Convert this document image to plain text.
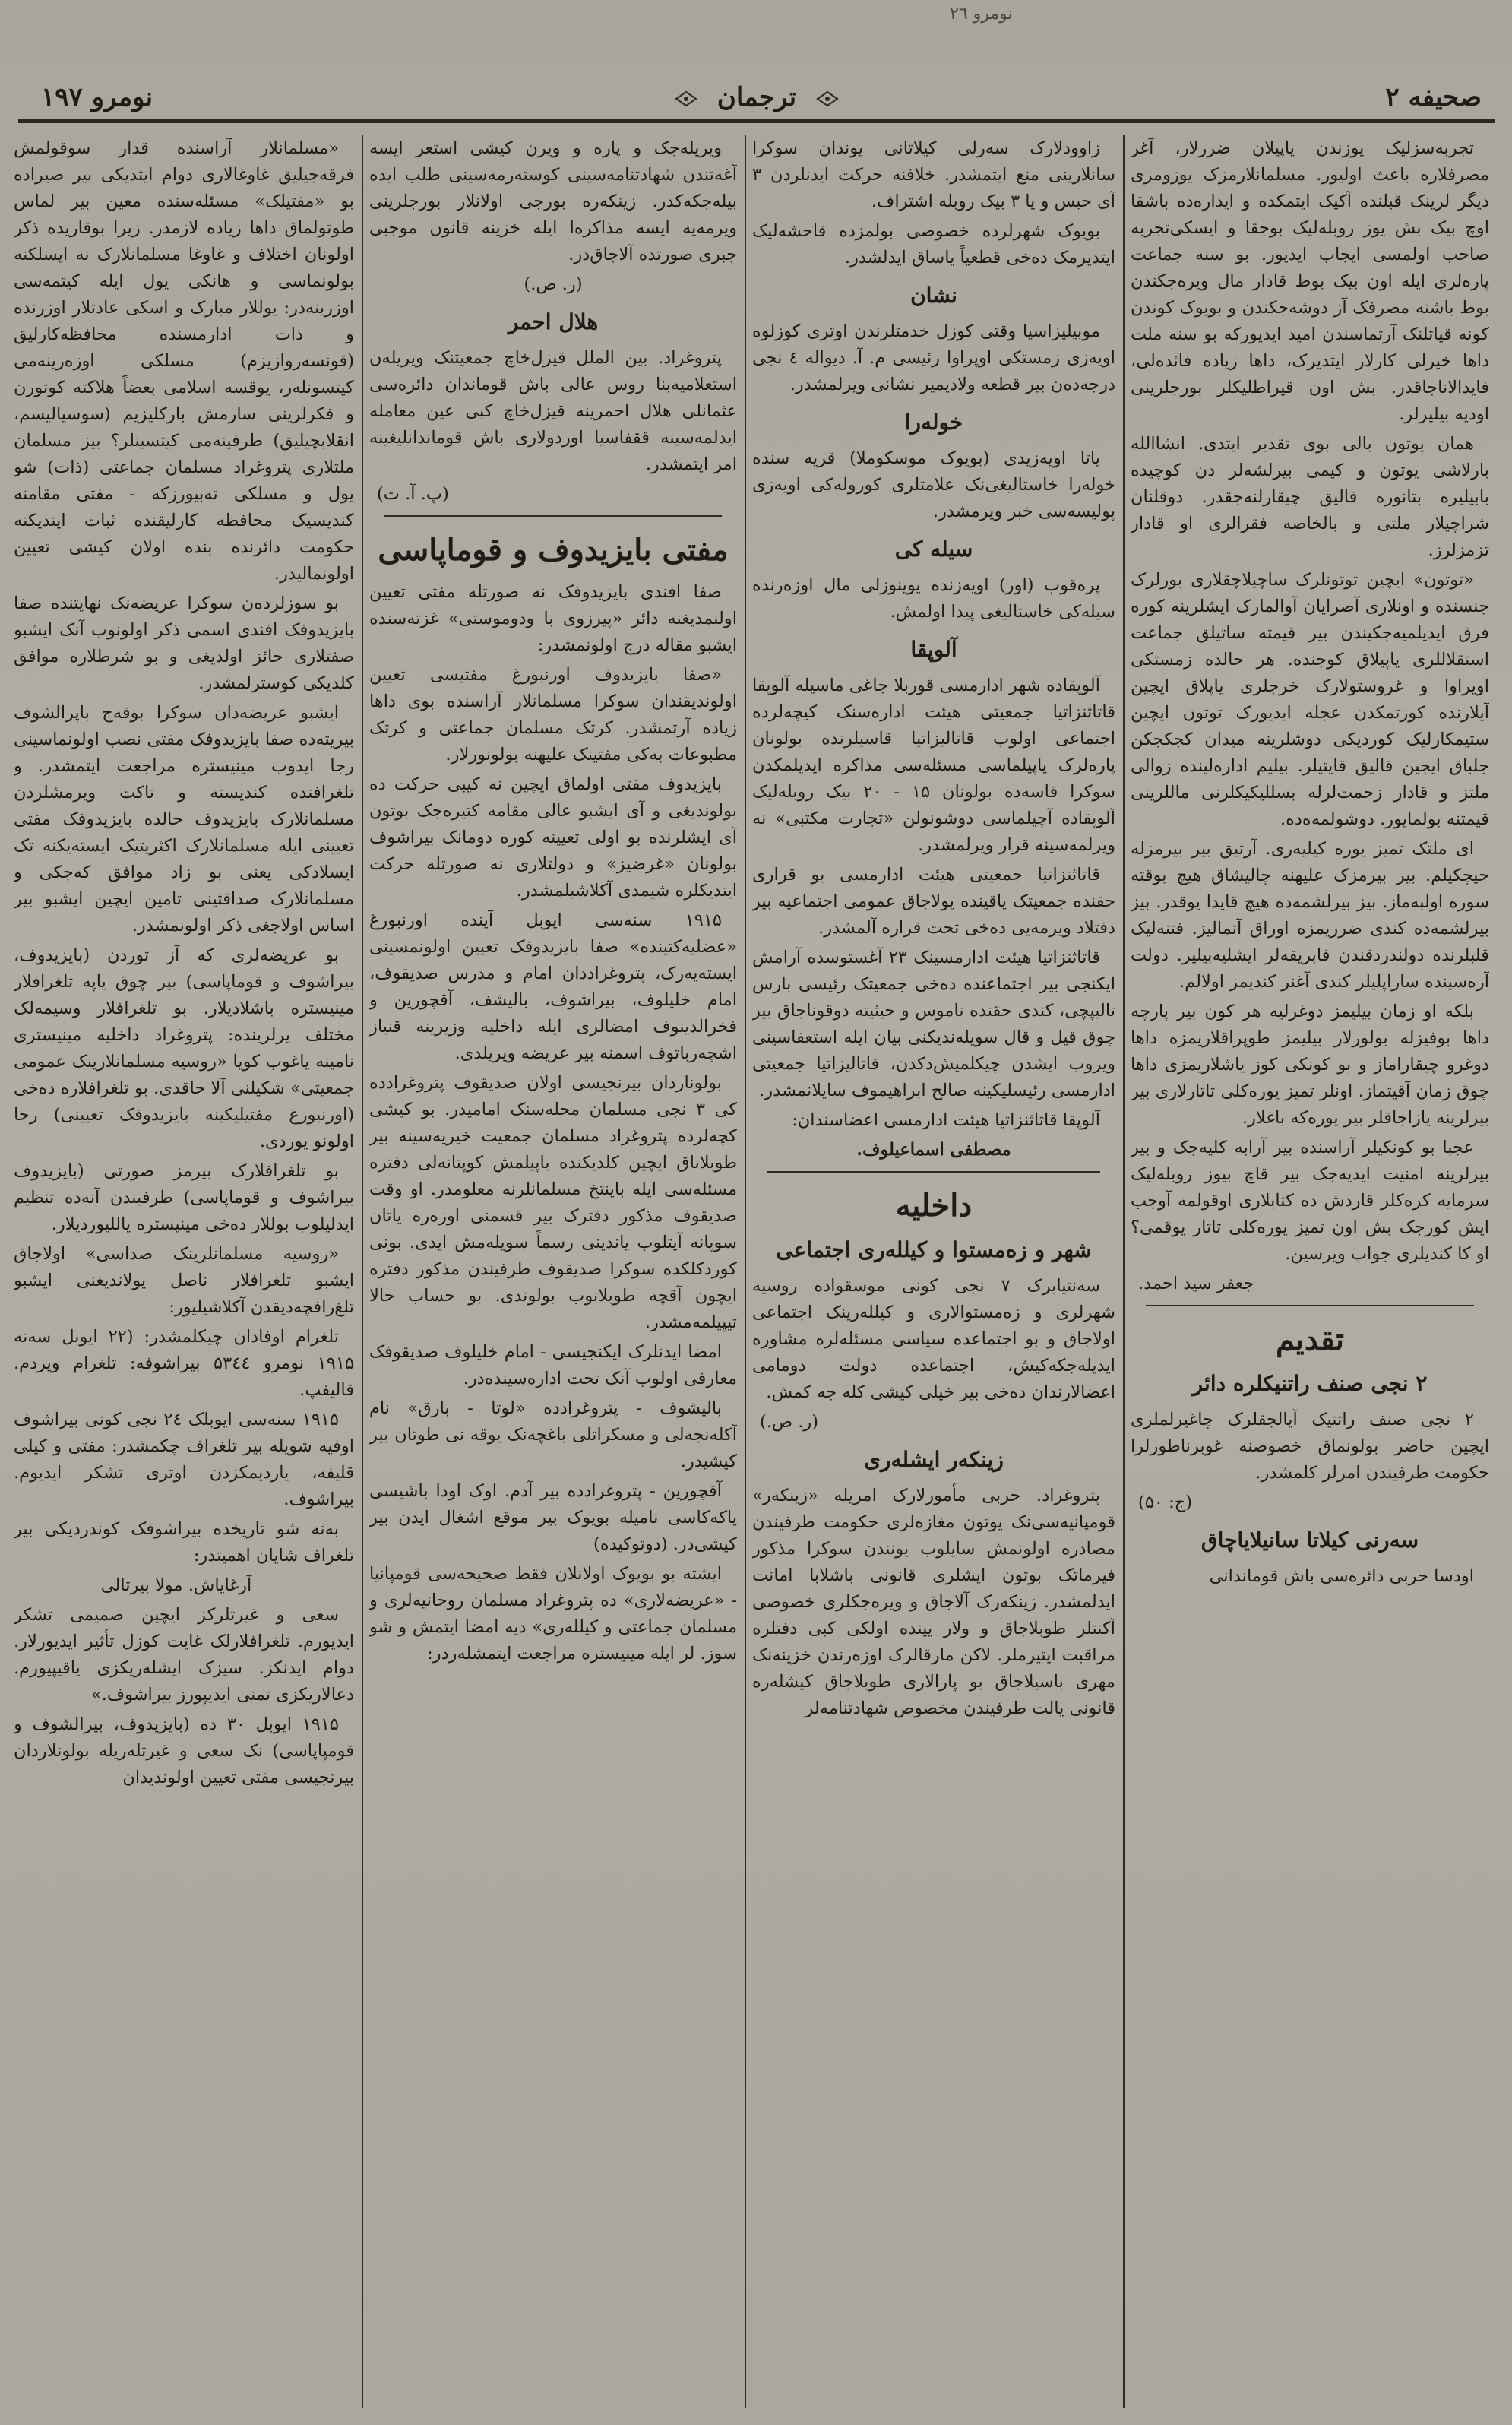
نومرو ۲٦
صحیفه ۲
ترجمان
نومرو ۱۹۷

تجربه‌سزلیک یوزندن یاپیلان ضررلار، آغر مصرفلاره باعث اولیور. مسلمانلارمزک یوزومزی دیگر لرینک قبلنده آکیک ایتمکده و ایداره‌ده باشقا اوچ بیک بش یوز روبله‌لیک بوجقا و ایسکی‌تجربه صاحب اولمسی ایجاب ایدیور. بو سنه جماعت پاره‌لری ایله اون بیک بوط قادار مال ویره‌جکندن بوط باشنه مصرفک آز دوشه‌جکندن و بویوک کوندن کونه قیاتلنک آرتماسندن امید ایدیورکه بو سنه ملت داها خیرلی کارلار ایتدیرک، داها زیاده فائده‌لی، فایدالاناجاقدر. بش اون قیراطلیکلر بورجلرینی اودیه بیلیرلر.

همان یوتون بالی بوی تقدیر ایتدی. انشاالله بارلاشی یوتون و کیمی بیرلشه‌لر دن کوچیده بابیلیره بتانوره قالیق چیقارلنه‌جقدر. دوقلنان شراچیلار ملتی و بالخاصه فقرالری او قادار تزمزلرز.

«توتون» ایچین توتونلرک ساچیلاچقلاری بورلرک جنسنده و اونلاری آصرایان آوالمارک ایشلرینه کوره فرق ایدیلمیه‌جکیندن بیر قیمته ساتیلق جماعت استقلاللری یاپیلاق کوجنده. هر حالده زمستکی اویراوا و غروستولارک خرجلری یاپلاق ایچین آیلارنده کوزتمکدن عجله ایدیورک توتون ایچین ستیمکارلیک کوردیکی دوشلرینه میدان کجکجکن جلباق ایجین قالیق قایتیلر. بیلیم اداره‌لینده زوالی ملتز و قادار زحمت‌لرله بسللیکیکلرنی ماللرینی قیمتنه بولمایور. دوشولمه‌ه‌ده.

ای ملتک تمیز یوره کیلیه‌ری. آرتیق بیر بیرمزله حیچکیلم. بیر بیرمزک علیهنه چالیشاق هیچ بوقته سوره اولبه‌ماز. بیز بیرلشمه‌ده هیچ قایدا یوقدر. بیز بیرلشمه‌ده کندی ضرریمزه اوراق آتمالیز. فتنه‌لیک قلبلرنده دولندردقندن فابریقه‌لر ایشلیه‌بیلیر. دولت آره‌سینده ساراپلیلر کندی آغنر کندیمز اولالم.

بلکه او زمان بیلیمز دوغرلیه هر کون بیر پارچه داها بوفیزله بولورلار بیلیمز طوپراقلاریمزه داها دوغرو چیقاراماز و بو کونکی کوز یاشلاریمزی داها چوق زمان آقیتماز. اونلر تمیز یوره‌کلی تاتارلاری بیر بیرلرینه یازاجاقلر بیر یوره‌که باغلار.

عجبا بو کونکیلر آراسنده بیر آرابه کلیه‌جک و بیر بیرلرینه امنیت ایدیه‌جک بیر قاچ بیوز روبله‌لیک سرمایه کره‌کلر قاردش ده کتابلاری اوقولمه آوجب ایش کورجک بش اون تمیز یوره‌کلی تاتار یوقمی؟ او کا کندیلری جواب ویرسین.

جعفر سید احمد.

تقدیم
۲ نجی صنف راتنیکلره دائر

۲ نجی صنف راتنیک آیالجقلرک چاغیرلملری ایچین حاضر بولونماق خصوصنه غوبرناطورلرا حکومت طرفیندن امرلر کلمشدر.

(ج: ۵۰)

سه‌رنی کیلاتا سانیلایاچاق

اودسا حربی دائره‌سی باش قوماندانی

زاوودلارک سه‌رلی کیلاتانی یوندان سوکرا سانلارینی منع ایتمشدر. خلافنه حرکت ایدنلردن ۳ آی حبس و یا ۳ بیک روبله اشتراف.

بویوک شهرلرده خصوصی بولمزده قاحشه‌لیک ایتدیرمک ده‌خی قطعیاً یاساق ایدلشدر.

نشان

موبیلیزاسیا وقتی کوزل خدمتلرندن اوتری کوزلوه اویه‌زی زمستکی اوپراوا رئیسی م. آ. دیواله ٤ نجی درجه‌ده‌ن بیر قطعه ولادیمیر نشانی ویرلمشدر.

خوله‌را

یاتا اویه‌زیدی (بویوک موسکوملا) قریه سنده خوله‌را خاستالیغی‌نک علامتلری کوروله‌کی اویه‌زی پولیسه‌سی خبر ویرمشدر.

سیله کی

پره‌قوب (اور) اویه‌زنده یوینوزلی مال اوزه‌رنده سیله‌کی خاستالیغی پیدا اولمش.

آلوپقا

آلوپقاده شهر ادارمسی قوربلا جاغی ما‌سیله آلوپقا قاتاثنزاتیا جمعیتی هیئت اداره‌سنک کیچه‌لرده اجتماعی اولوب قاتالیزاتیا قاسیلرنده بولونان پاره‌لرک یاپیلماسی مسئله‌سی مذاکره ایدیلمکدن سوکرا قاسه‌ده بولونان ۱۵ - ۲۰ بیک روبله‌لیک آلوپقاده آچیلماسی دوشونولن «تجارت مکتبی» نه ویرلمه‌سینه قرار ویرلمشدر.

قاتاثنزاتیا جمعیتی هیئت ادارمسی بو قراری حقنده جمعیتک یاقینده یولاجاق عمومی اجتماعیه بیر دفتلاد ویرمه‌یی ده‌خی تحت قراره آلمشدر.

قاتاثنزاتیا هیئت ادارمسینک ۲۳ آغستوسده آرامش ایکنجی بیر اجتماعنده ده‌خی جمعیتک رئیسی بارس تالیپچی، کندی حقنده ناموس و حیثیته دوقوناجاق بیر چوق قیل و قال سویله‌ندیکنی بیان ایله استعفاسینی ویروب ایشدن چیکلمیش‌دکدن، قاتالیزاتیا جمعیتی ادارمسی رئیسلیکینه صالح ابراهیموف سایلا‌نمشدر.

آلوپقا قاتاثنزاتیا هیئت ادارمسی اعضاسندان:

مصطفی اسماعیلوف.

داخلیه
شهر و زه‌مستوا و کیلله‌ری اجتماعی

سه‌نتیابرک ۷ نجی کونی موسقواده روسیه شهرلری و زه‌مستوالاری و کیلله‌رینک اجتماعی اولاجاق و بو اجتماعده سیاسی مسئله‌لره مشاوره ایدیله‌جکه‌کیش، اجتماعده دولت دومامی اعضالارندان ده‌خی بیر خیلی کیشی کله جه کمش.

(ر. ص.)

زینکه‌ر ایشله‌ری

پتروغراد. حربی مأمورلارک امریله «زینکه‌ر» قومپانیه‌سی‌نک یوتون مغازه‌لری حکومت طرفیندن مصادره اولونمش سایلوب یونندن سوکرا مذکور فیرماتک بوتون ایشلری قانونی باشلابا امانت ایدلمشدر. زینکه‌رک آلاجاق و ویره‌جکلری خصوصی آکنتلر طوبلاجاق و ولار یینده اولکی کبی دفتلره مراقبت ایتیرملر. لاکن مارقالرک اوزه‌رندن خزینه‌نک مهری باسیلاجاق بو پارالاری طوبلاجاق کیشله‌ره قانونی یالت طرفیندن مخصوص شهادتنامه‌لر

ویریله‌جک و پاره و ویرن کیشی استعر ایسه آغه‌تندن شهادتنامه‌سینی کوسته‌رمه‌سینی طلب ایده بیله‌جکه‌کدر. زینکه‌ره بورجی اولانلار بورجلرینی ویرمه‌یه ایسه مذاکره‌ا ایله خزینه قانون موجبی جبری صورتده آلاجاق‌در.

(ر. ص.)

هلال احمر

پتروغراد. بین الملل قیزل‌خاچ جمعیتنک ویریله‌ن استعلامیه‌بنا روس عالی باش قوماندان دائره‌سی عثمانلی هلال احمرینه قیزل‌خاچ کبی عین معامله ایدلمه‌سینه ققفاسیا اوردولاری باش قوماندانلیغینه امر ایتمشدر.

(پ. آ. ت)

مفتی بایزیدوف و قوماپاسی

صفا افندی بایزیدوفک نه صورتله مفتی تعیین اولنمدیغنه دائر «پیرزوی با ودومو‌ستی» غزته‌سنده ایشبو مقاله درج اولو‌نمشدر:

«صفا بایزیدوف اورنبورغ مفتیسی تعیین اولوندیقندان سوکرا مسلمانلار آراسنده بوی داها زیاده آرتمشدر. کرتک مسلمان جماعتی و کرتک مطبوعات به‌کی مفتینک علیهنه بولونورلار.

بایزیدوف مفتی اولماق ایچین نه کیبی حرکت ده بولوندیغی و آی ایشبو عالی مقامه کتیره‌جک بوتون آی ایشلرنده بو اولی تعیینه کوره دومانک بیراشوف بولونان «غرضیز» و دولتلاری نه صورتله حرکت ایتدیکلره شیمدی آکلاشیلمشدر.

۱۹۱۵ سنه‌سی ایوبل آینده اورنبورغ «عضلیه‌کتینده» صفا بایزیدوفک تعیین اولونمسینی ایسته‌یه‌رک، پتروغراددان امام و مدرس صدیقوف، امام خلیلوف، بیراشوف، بالیشف، آقچورین و فخرالدینوف امضالری ایله داخلیه وزیرینه قنیاز اشچه‌رباتوف اسمنه بیر عریضه ویریلدی.

بولوناردان بیرنجیسی اولان صدیقوف پتروغرادده کی ۳ نجی مسلمان محله‌سنک امامیدر. بو کیشی کچه‌لرده پتروغراد مسلمان جمعیت خیریه‌سینه بیر طوبلاناق ایچین کلدیکنده یاپیلمش کوپتانه‌لی دفتره مسئله‌سی ایله باینتخ مسلمانلرنه معلومدر. او وقت صدیقوف مذکور دفترک بیر قسمنی اوزه‌ره یاتان سوپانه‌ آیتلوب یاندینی رسماً سویله‌مش ایدی. بونی کوردکلکده سوکرا صدیقوف طرفیندن مذکور دفتره ایچون آقچه طوبلانوب بولوندی. بو حساب حالا تیپیلمه‌مشدر.

امضا ایدنلرک ایکنجیسی - امام خلیلوف صدیقوفک معارفی اولوب آنک تحت اداره‌سینده‌در.

بالیشوف - پتروغرادده «لوتا - بارق» نام آکله‌نجه‌لی و مسکراتلی باغچه‌نک یوقه نی طوتان بیر کیشیدر.

آقچورین - پتروغرادده بیر آدم. او‌ک اودا باشیسی یاکه‌کاسی نامیله بویوک بیر موقع اشغال ایدن بیر کیشی‌در. (دوتوکیده)

ایشته بو بویوک اولانلان فقط صحیحه‌سی قومپانیا - «عریضه‌لاری» ده پتروغراد مسلمان روحانیه‌لری و مسلمان جماعتی و کیلله‌ری» دیه امضا ایتمش و شو سوز. لر ایله مینیستره مراجعت ایتمشله‌ردر:

«مسلمانلار آراسنده قدار سوقولمش فرقه‌جیلیق غاوغالاری دوام ایتدیکی بیر صیراده بو «مفتیلک» مسئله‌سنده معین بیر لماس طوتولماق داها زیاده لازمدر. زیرا بوقاریده ذکر اولونان اختلاف و غاوغا مسلمانلارک نه ایسلکنه بولونماسی و هانکی یول ایله کیتمه‌سی اوزرینه‌در: یوللار مبارک و اسکی عادتلار اوزرنده و ذات ادارمسنده محافظه‌کار‌لیق (قونسه‌روازیزم) مسلکی اوزه‌رینه‌می کیتسونله‌ر، یوقسه اسلامی بعضاً هلاکته کوتورن و فکرلرینی سارمش بارکلیزیم (سوسیالیسم، انقلابچیلیق) طرفینه‌می کیتسینلر؟ بیز مسلمان ملتلاری پتروغراد مسلمان جماعتی (ذات) شو یول و مسلکی ته‌بیورزکه - مفتی مقامنه کندیسیک محافظه کارلیقنده ثبات ایتدیکنه حکومت دائرنده بنده اولان کیشی تعیین اولونمالیدر.

بو سوزلرده‌ن سوکرا عریضه‌نک نهایتنده صفا بایزیدوفک افندی اسمی ذکر اولونوب آنک ایشبو صفتلاری حائز اولدیغی و بو شرطلاره موافق کلدیکی کوستر‌لمشدر.

ایشبو عریضه‌دان سوکرا بوقه‌ج باپرالشوف بیریته‌ده صفا بایزیدوفک مفتی نصب او‌لونماسینی رجا ایدوب مینیستره مراجعت ایتمشدر. و تلغرافنده کندیسنه و تاکت ویرمشلردن مسلمانلارک بایزیدوف حالده بایزیدوفک مفتی تعیینی ایله مسلمانلارک اکثریتیک ایسته‌یکنه تک ایسلادکی یعنی بو زاد موافق که‌جکی و مسلمانلارک صداقتینی تامین ایچین ایشبو بیر اساس اولاجغی ذکر اولونمشدر.

بو عریضه‌لری که آز توردن (بایزیدوف، بیراشوف و قوماپاسی) بیر چوق یاپه تلغرافلار مینیستره باشلادیلار. بو تلغرافلار وسیمه‌لک مختلف یرلرینده: پتروغراد داخلیه مینیستری نامینه یاغوب کویا «روسیه مسلمانلارینک عمومی جمعیتی» شکیلنی آلا حاقدی. بو تلغرافلاره ده‌خی (اورنبورغ مفتیلیکینه بایزیدوفک تعیینی) رجا اولونو یوردی.

بو تلغرافلارک بیرمز صورتی (بایزیدوف بیراشوف و قوماپاسی) طرفیندن آنه‌ده تنظیم ایدلیلوب بوللار ده‌خی مینیستره یاللیوردیلار.

«روسیه مسلمانلرینک صداسی» اولاجاق ایشبو تلغرافلار ناصل یولاندیغنی ایشبو تلغ‌رافچه‌دیقدن آکلاشیلیور:

تلغرام اوفادان چیکلمشدر: (۲۲ ایوبل سه‌نه ۱۹۱۵ نومرو ۵٣٤٤ بیراشوفه: تلغرام ویردم. قالیفپ.

۱۹۱۵ سنه‌سی ایوبلک ۲٤ نجی کونی بیراشوف اوفیه شویله بیر تلغراف چکمشدر: مفتی و کیلی قلیفه، یاردیمکزدن اوتری تشکر ایدیوم. بیراشوف.

به‌نه شو تاریخده بیراشوفک کوندردیکی بیر تلغراف شایان اهمیتدر:

آرغایاش. مولا بیرتالی

سعی و غیرتلرکز ایچین صمیمی تشکر ایدیورم. تلغرافلارلک غایت کوزل تأثیر ایدیورلار. دوام ایدنکز. سیزک ایشله‌ریکزی یاقیپیورم. دعالاریکزی تمنی ایدیپورز بیراشوف.»

۱۹۱۵ ایوبل ۳۰ ده (بایزیدوف، بیرالشوف و قومپاپاسی) نک سعی و غیرتله‌ریله بولونلاردان بیرنجیسی مفتی تعیین اولوندیدان
